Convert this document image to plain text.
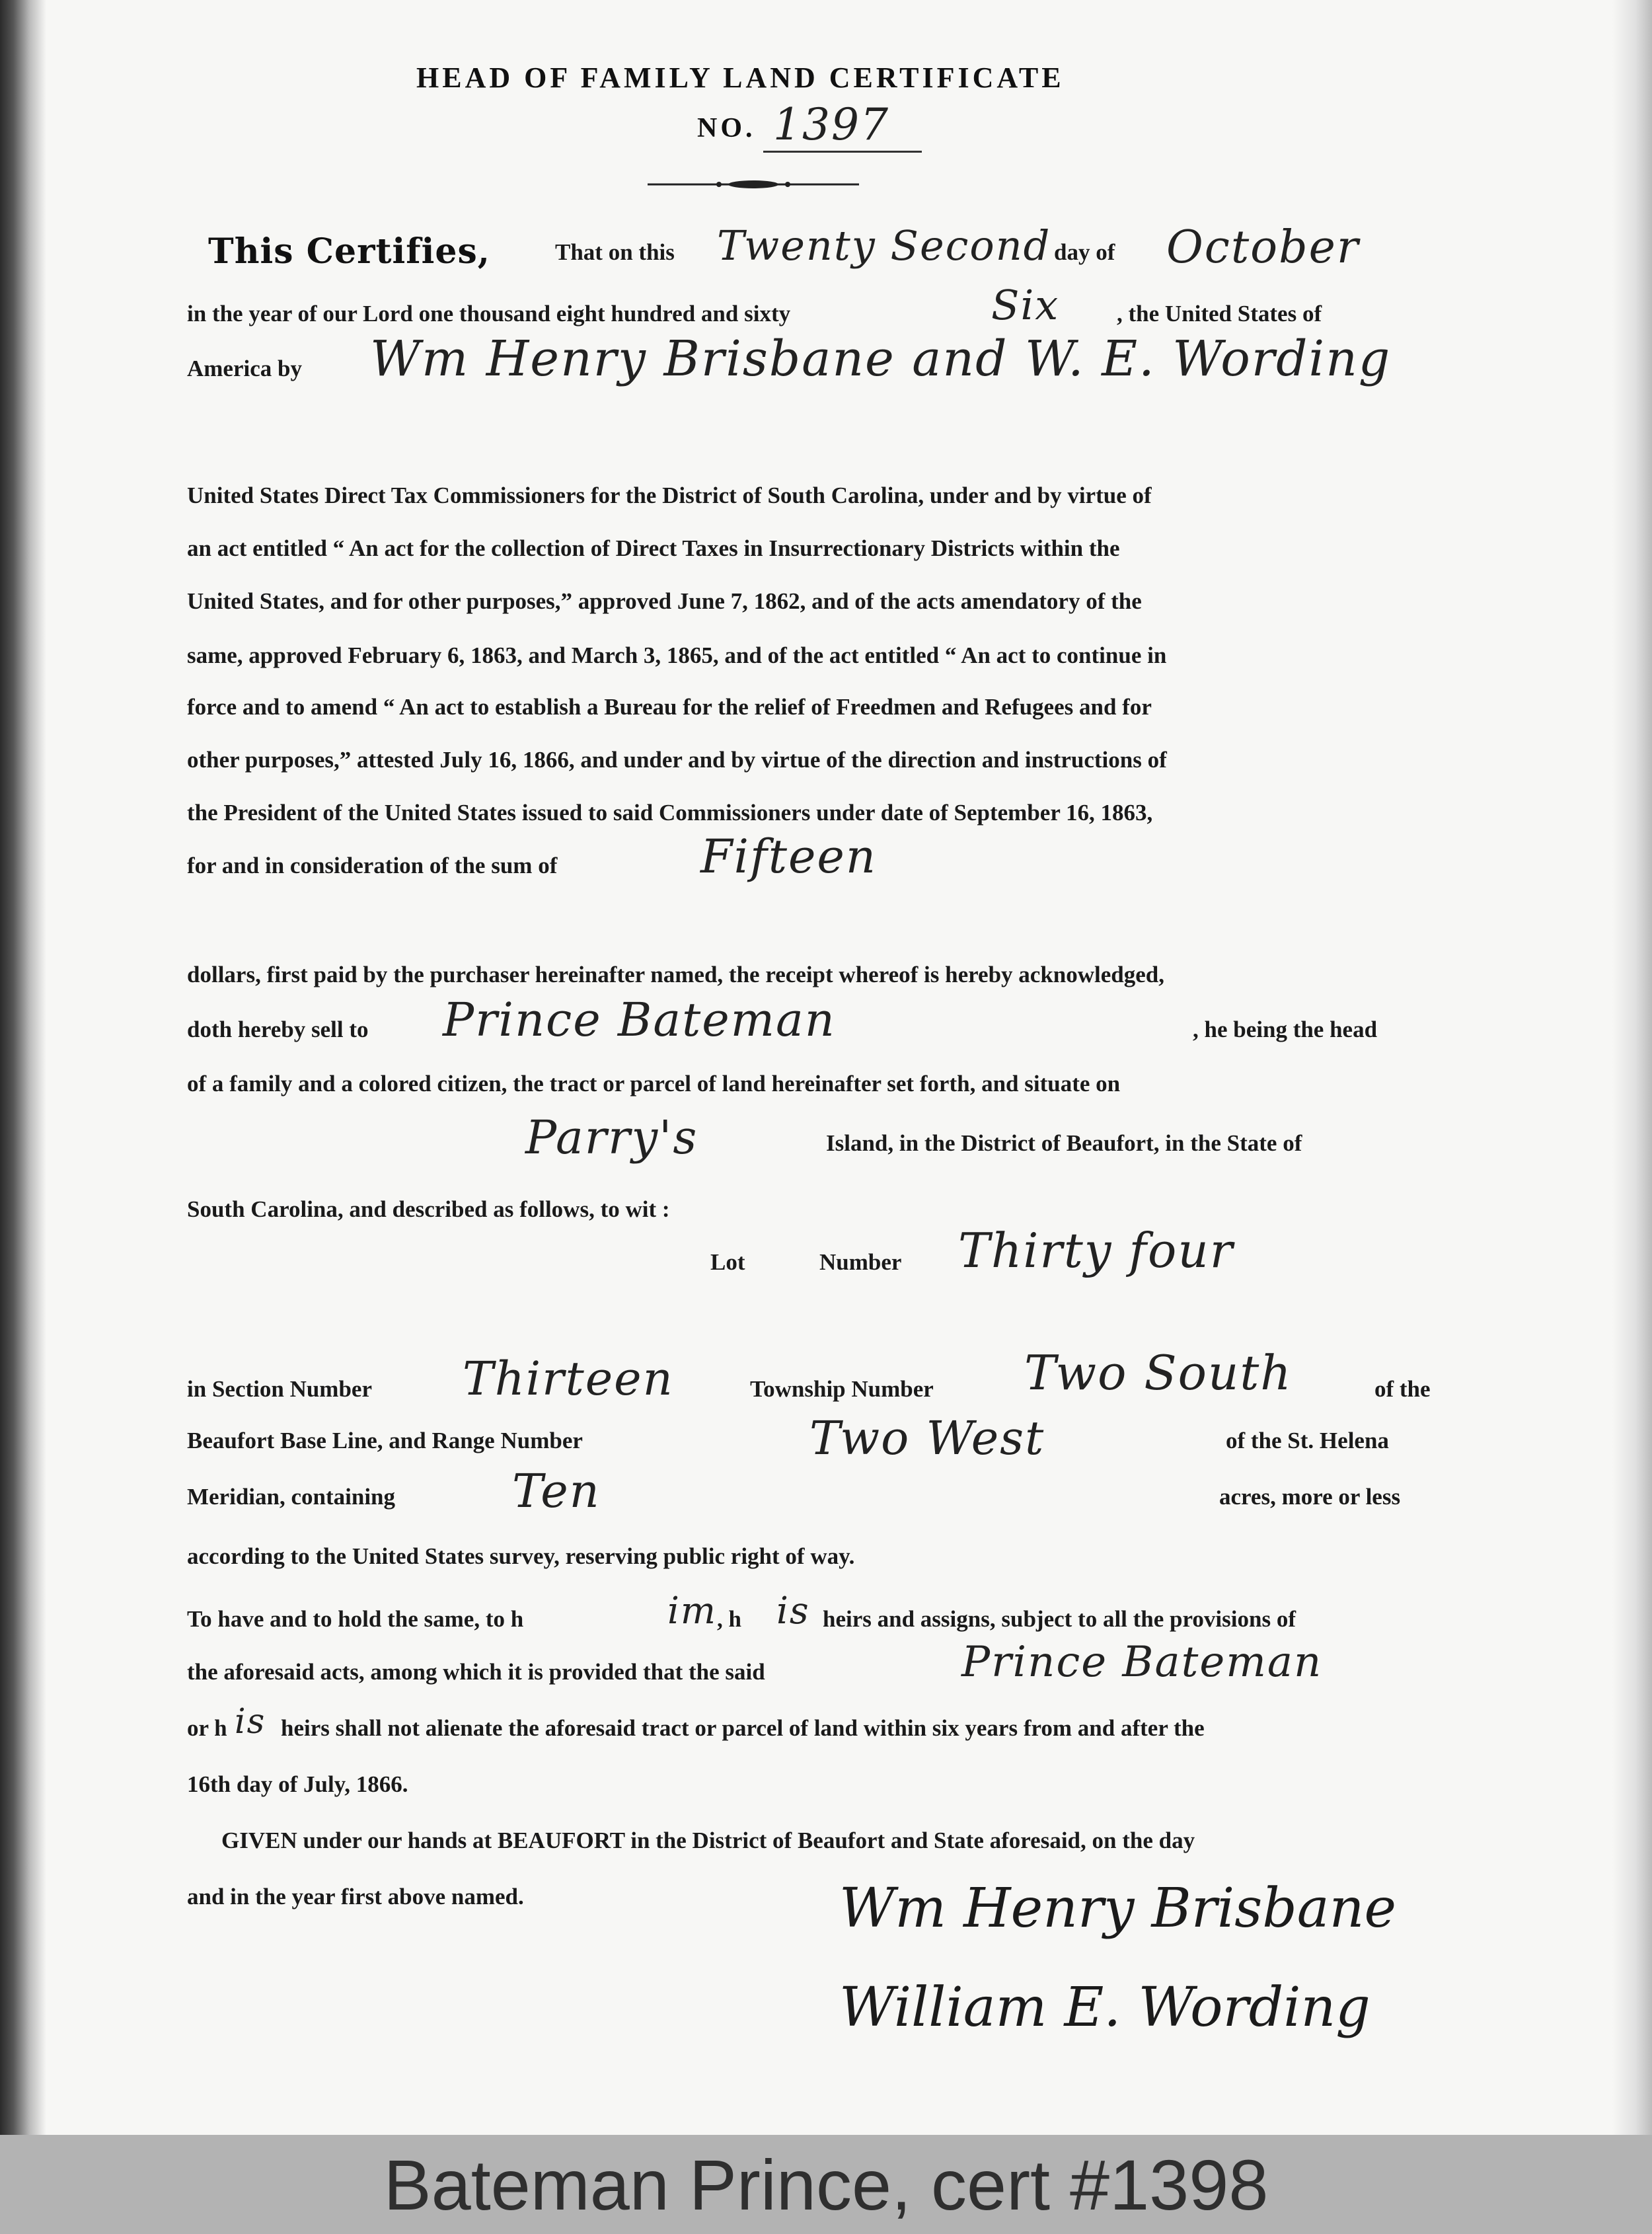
HEAD OF FAMILY LAND CERTIFICATE
NO. 1397
This Certifies,	That on this Twenty Second day of October
in the year of our Lord one thousand eight hundred and sixty	Six , the United States of
America by Wm Henry Brisbane and W. E. Wording
United States Direct Tax Commissioners for the District of South Carolina, under and by virtue of
an act entitled “ An act for the collection of Direct Taxes in Insurrectionary Districts within the
United States, and for other purposes,” approved June 7, 1862, and of the acts amendatory of the
same, approved February 6, 1863, and March 3, 1865, and of the act entitled “ An act to continue in
force and to amend “ An act to establish a Bureau for the relief of Freedmen and Refugees and for
other purposes,” attested July 16, 1866, and under and by virtue of the direction and instructions of
the President of the United States issued to said Commissioners under date of September 16, 1863,
for and in consideration of the sum of	Fifteen
dollars, first paid by the purchaser hereinafter named, the receipt whereof is hereby acknowledged,
doth hereby sell to Prince Bateman	, he being the head
of a family and a colored citizen, the tract or parcel of land hereinafter set forth, and situate on
Parry's	Island, in the District of Beaufort, in the State of
South Carolina, and described as follows, to wit :
Lot	Number Thirty four
in Section Number Thirteen	Township Number Two South	of the
Beaufort Base Line, and Range Number	Two West	of the St. Helena
Meridian, containing	Ten	acres, more or less
according to the United States survey, reserving public right of way.
To have and to hold the same, to h	im , h is heirs and assigns, subject to all the provisions of
the aforesaid acts, among which it is provided that the said	Prince Bateman
or h is heirs shall not alienate the aforesaid tract or parcel of land within six years from and after the
16th day of July, 1866.
GIVEN under our hands at BEAUFORT in the District of Beaufort and State aforesaid, on the day
and in the year first above named.	Wm Henry Brisbane
William E. Wording
Bateman Prince, cert #1398
